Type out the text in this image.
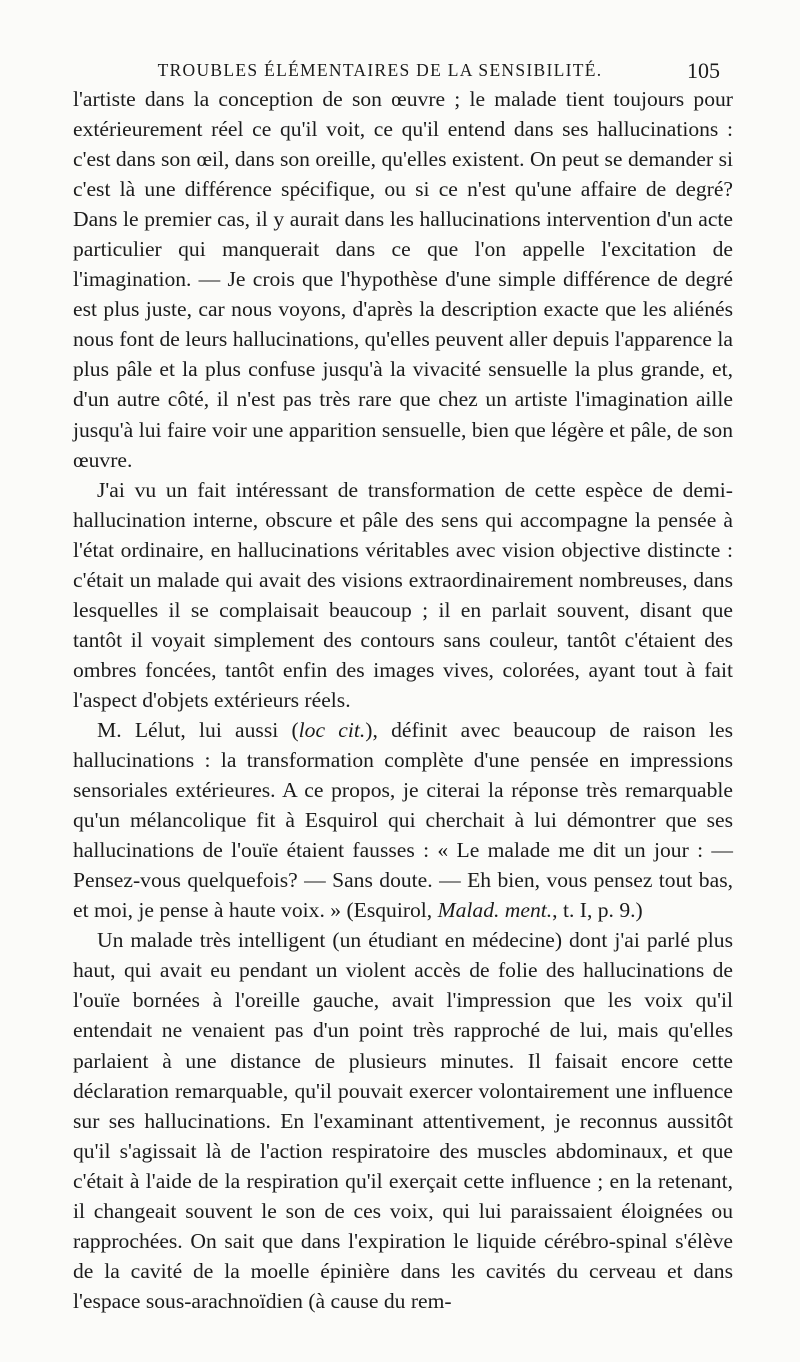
TROUBLES ÉLÉMENTAIRES DE LA SENSIBILITÉ.	105

l'artiste dans la conception de son œuvre ; le malade tient toujours pour extérieurement réel ce qu'il voit, ce qu'il entend dans ses hallucinations : c'est dans son œil, dans son oreille, qu'elles existent. On peut se demander si c'est là une différence spécifique, ou si ce n'est qu'une affaire de degré? Dans le premier cas, il y aurait dans les hallucinations intervention d'un acte particulier qui manquerait dans ce que l'on appelle l'excitation de l'imagination. — Je crois que l'hypothèse d'une simple différence de degré est plus juste, car nous voyons, d'après la description exacte que les aliénés nous font de leurs hallucinations, qu'elles peuvent aller depuis l'apparence la plus pâle et la plus confuse jusqu'à la vivacité sensuelle la plus grande, et, d'un autre côté, il n'est pas très rare que chez un artiste l'imagination aille jusqu'à lui faire voir une apparition sensuelle, bien que légère et pâle, de son œuvre.

J'ai vu un fait intéressant de transformation de cette espèce de demi-hallucination interne, obscure et pâle des sens qui accompagne la pensée à l'état ordinaire, en hallucinations véritables avec vision objective distincte : c'était un malade qui avait des visions extraordinairement nombreuses, dans lesquelles il se complaisait beaucoup ; il en parlait souvent, disant que tantôt il voyait simplement des contours sans couleur, tantôt c'étaient des ombres foncées, tantôt enfin des images vives, colorées, ayant tout à fait l'aspect d'objets extérieurs réels.

M. Lélut, lui aussi (loc cit.), définit avec beaucoup de raison les hallucinations : la transformation complète d'une pensée en impressions sensoriales extérieures. A ce propos, je citerai la réponse très remarquable qu'un mélancolique fit à Esquirol qui cherchait à lui démontrer que ses hallucinations de l'ouïe étaient fausses : « Le malade me dit un jour : — Pensez-vous quelquefois? — Sans doute. — Eh bien, vous pensez tout bas, et moi, je pense à haute voix. » (Esquirol, Malad. ment., t. I, p. 9.)

Un malade très intelligent (un étudiant en médecine) dont j'ai parlé plus haut, qui avait eu pendant un violent accès de folie des hallucinations de l'ouïe bornées à l'oreille gauche, avait l'impression que les voix qu'il entendait ne venaient pas d'un point très rapproché de lui, mais qu'elles parlaient à une distance de plusieurs minutes. Il faisait encore cette déclaration remarquable, qu'il pouvait exercer volontairement une influence sur ses hallucinations. En l'examinant attentivement, je reconnus aussitôt qu'il s'agissait là de l'action respiratoire des muscles abdominaux, et que c'était à l'aide de la respiration qu'il exerçait cette influence ; en la retenant, il changeait souvent le son de ces voix, qui lui paraissaient éloignées ou rapprochées. On sait que dans l'expiration le liquide cérébro-spinal s'élève de la cavité de la moelle épinière dans les cavités du cerveau et dans l'espace sous-arachnoïdien (à cause du rem-
